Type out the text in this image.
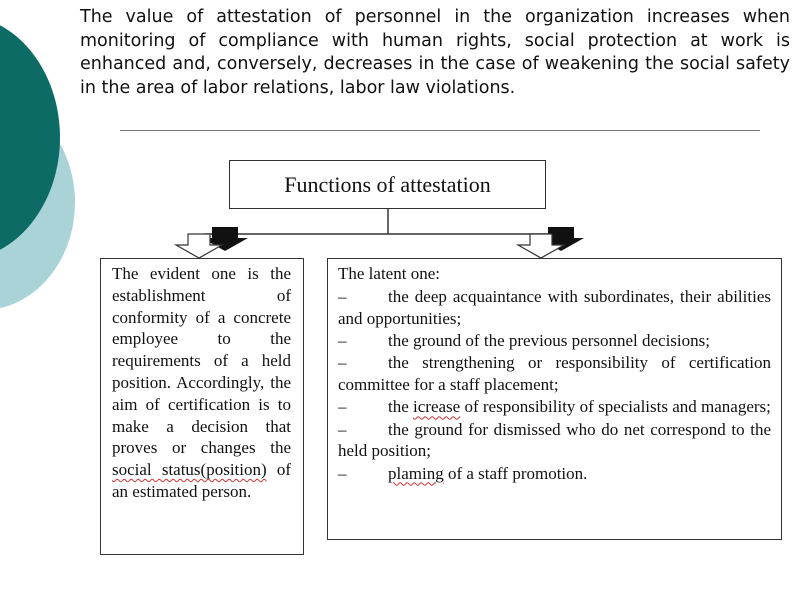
The value of attestation of personnel in the organization increases when monitoring of compliance with human rights, social protection at work is enhanced and, conversely, decreases in the case of weakening the social safety in the area of labor relations, labor law violations.

Functions of attestation

The evident one is the establishment of conformity of a concrete employee to the requirements of a held position. Accordingly, the aim of certification is to make a decision that proves or changes the social status(position) of an estimated person.

The latent one:
– the deep acquaintance with subordinates, their abilities and opportunities;
– the ground of the previous personnel decisions;
– the strengthening or responsibility of certification committee for a staff placement;
– the icrease of responsibility of specialists and managers;
– the ground for dismissed who do net correspond to the held position;
– plaming of a staff promotion.
